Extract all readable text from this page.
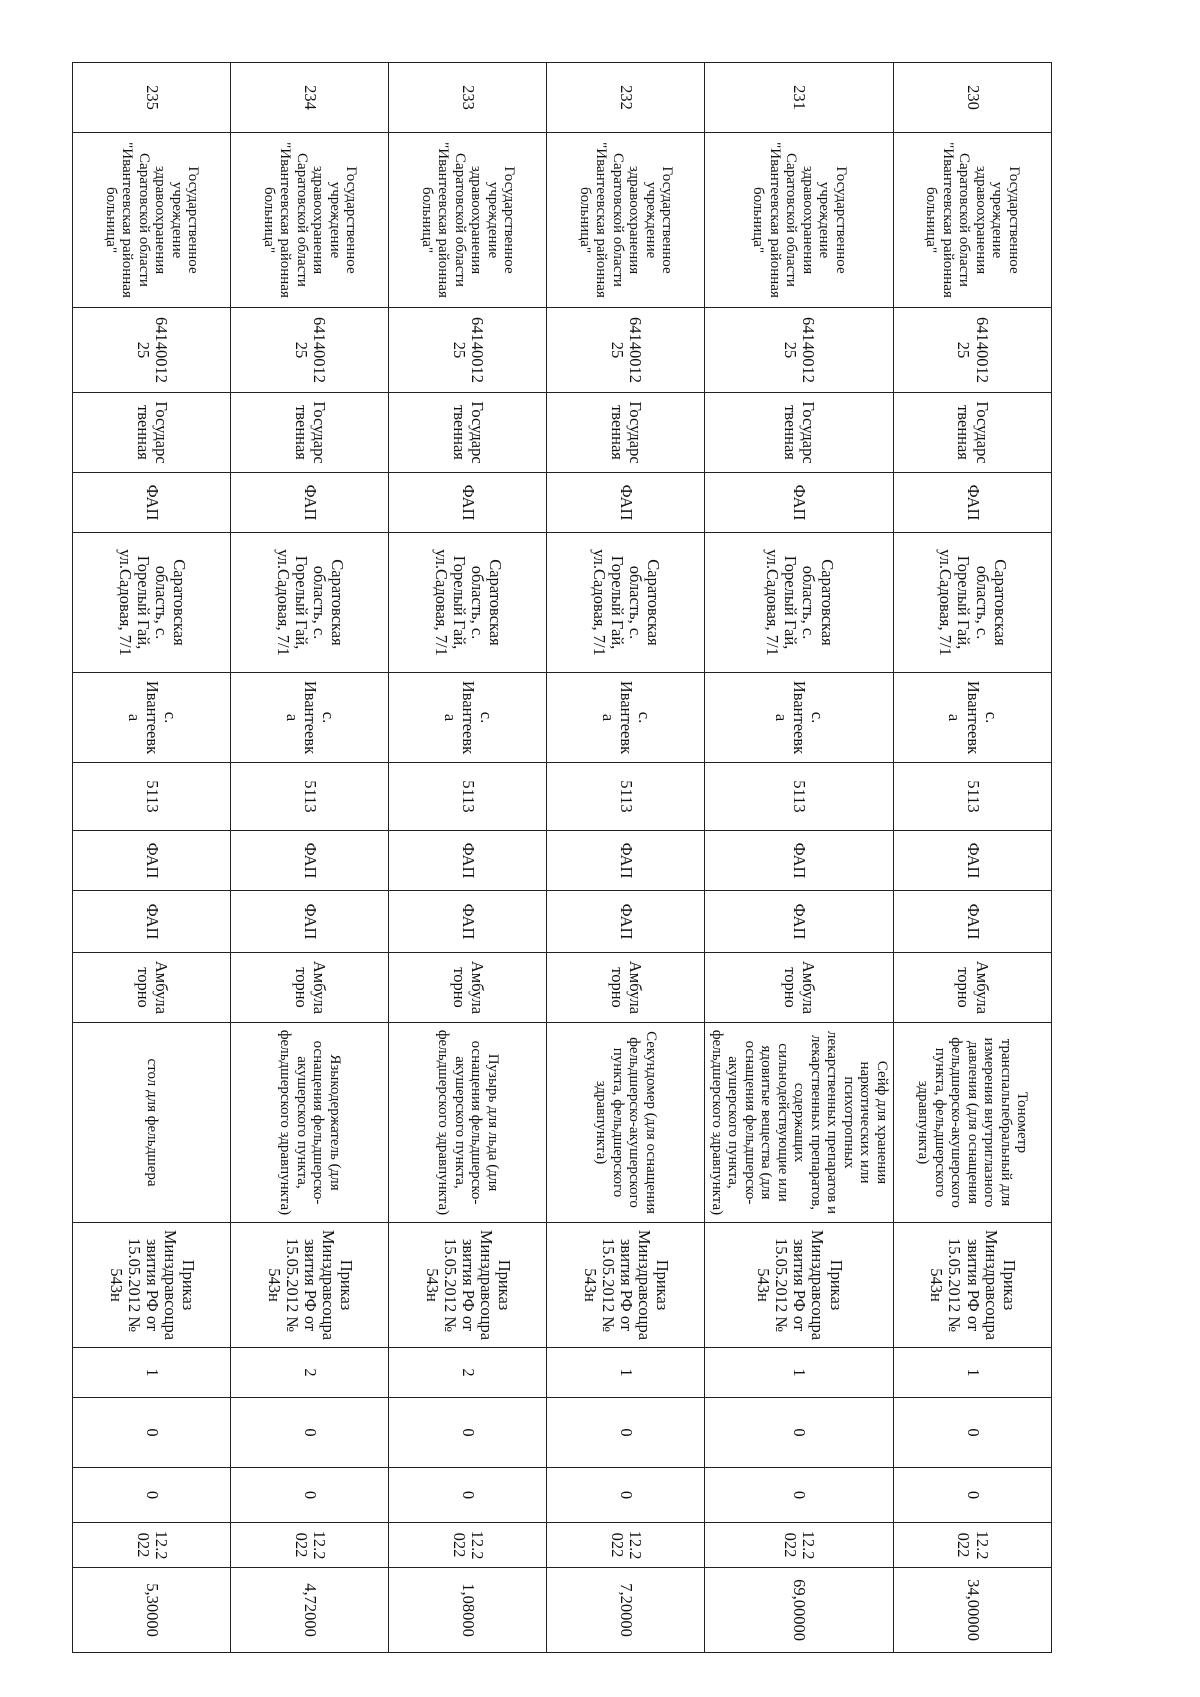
230	Государственное учреждение здравоохранения Саратовской области "Ивантеевская районная больница"	6414001225	Государственная	ФАП	Саратовская область, с. Горелый Гай, ул.Садовая, 7/1	с. Ивантеевка	5113	ФАП	ФАП	Амбулаторно	Тонометр транспальпебральный для измерения внутриглазного давления (для оснащения фельдшерско-акушерского пункта, фельдшерского здравпункта)	Приказ Минздравсоцразвития РФ от 15.05.2012 № 543н	1	0	0	12.2022	34,00000
231	Государственное учреждение здравоохранения Саратовской области "Ивантеевская районная больница"	6414001225	Государственная	ФАП	Саратовская область, с. Горелый Гай, ул.Садовая, 7/1	с. Ивантеевка	5113	ФАП	ФАП	Амбулаторно	Сейф для хранения наркотических или психотропных лекарственных препаратов и лекарственных препаратов, содержащих сильнодействующие или ядовитые вещества (для оснащения фельдшерско-акушерского пункта, фельдшерского здравпункта)	Приказ Минздравсоцразвития РФ от 15.05.2012 № 543н	1	0	0	12.2022	69,00000
232	Государственное учреждение здравоохранения Саратовской области "Ивантеевская районная больница"	6414001225	Государственная	ФАП	Саратовская область, с. Горелый Гай, ул.Садовая, 7/1	с. Ивантеевка	5113	ФАП	ФАП	Амбулаторно	Секундомер (для оснащения фельдшерско-акушерского пункта, фельдшерского здравпункта)	Приказ Минздравсоцразвития РФ от 15.05.2012 № 543н	1	0	0	12.2022	7,20000
233	Государственное учреждение здравоохранения Саратовской области "Ивантеевская районная больница"	6414001225	Государственная	ФАП	Саратовская область, с. Горелый Гай, ул.Садовая, 7/1	с. Ивантеевка	5113	ФАП	ФАП	Амбулаторно	Пузырь для льда (для оснащения фельдшерско-акушерского пункта, фельдшерского здравпункта)	Приказ Минздравсоцразвития РФ от 15.05.2012 № 543н	2	0	0	12.2022	1,08000
234	Государственное учреждение здравоохранения Саратовской области "Ивантеевская районная больница"	6414001225	Государственная	ФАП	Саратовская область, с. Горелый Гай, ул.Садовая, 7/1	с. Ивантеевка	5113	ФАП	ФАП	Амбулаторно	Языкодержатель (для оснащения фельдшерско-акушерского пункта, фельдшерского здравпункта)	Приказ Минздравсоцразвития РФ от 15.05.2012 № 543н	2	0	0	12.2022	4,72000
235	Государственное учреждение здравоохранения Саратовской области "Ивантеевская районная больница"	6414001225	Государственная	ФАП	Саратовская область, с. Горелый Гай, ул.Садовая, 7/1	с. Ивантеевка	5113	ФАП	ФАП	Амбулаторно	стол для фельдшера	Приказ Минздравсоцразвития РФ от 15.05.2012 № 543н	1	0	0	12.2022	5,30000
